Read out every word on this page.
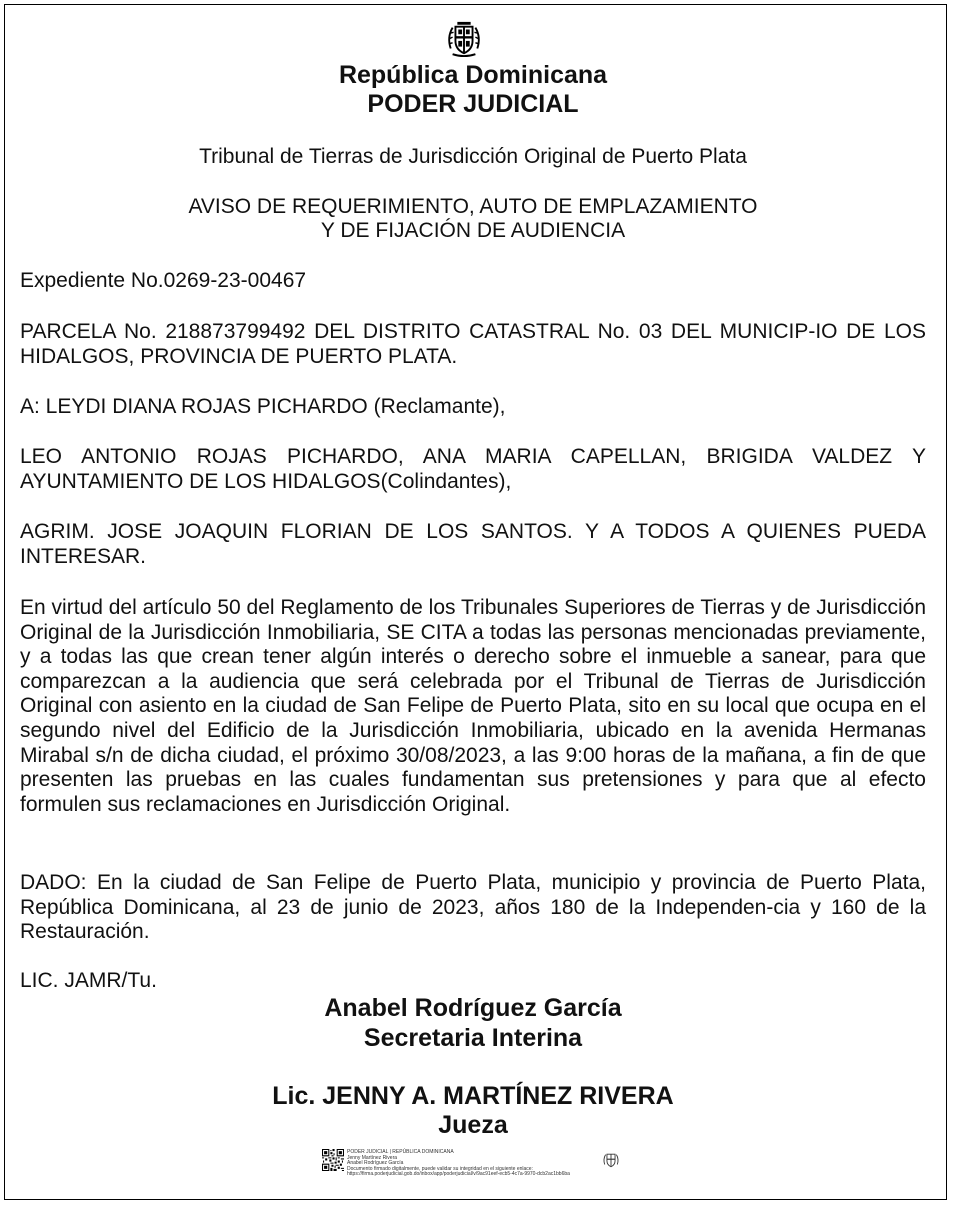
República Dominicana
PODER JUDICIAL
Tribunal de Tierras de Jurisdicción Original de Puerto Plata
AVISO DE REQUERIMIENTO, AUTO DE EMPLAZAMIENTO
Y DE FIJACIÓN DE AUDIENCIA
Expediente No.0269-23-00467
PARCELA No. 218873799492 DEL DISTRITO CATASTRAL No. 03 DEL MUNICIP-IO DE LOS HIDALGOS, PROVINCIA DE PUERTO PLATA.
A: LEYDI DIANA ROJAS PICHARDO (Reclamante),
LEO ANTONIO ROJAS PICHARDO, ANA MARIA CAPELLAN, BRIGIDA VALDEZ Y AYUNTAMIENTO DE LOS HIDALGOS(Colindantes),
AGRIM. JOSE JOAQUIN FLORIAN DE LOS SANTOS. Y A TODOS A QUIENES PUEDA INTERESAR.
En virtud del artículo 50 del Reglamento de los Tribunales Superiores de Tierras y de Jurisdicción Original de la Jurisdicción Inmobiliaria, SE CITA a todas las personas mencionadas previamente, y a todas las que crean tener algún interés o derecho sobre el inmueble a sanear, para que comparezcan a la audiencia que será celebrada por el Tribunal de Tierras de Jurisdicción Original con asiento en la ciudad de San Felipe de Puerto Plata, sito en su local que ocupa en el segundo nivel del Edificio de la Jurisdicción Inmobiliaria, ubicado en la avenida Hermanas Mirabal s/n de dicha ciudad, el próximo 30/08/2023, a las 9:00 horas de la mañana, a fin de que presenten las pruebas en las cuales fundamentan sus pretensiones y para que al efecto formulen sus reclamaciones en Jurisdicción Original.
DADO: En la ciudad de San Felipe de Puerto Plata, municipio y provincia de Puerto Plata, República Dominicana, al 23 de junio de 2023, años 180 de la Independen-cia y 160 de la Restauración.
LIC. JAMR/Tu.
Anabel Rodríguez García
Secretaria Interina
Lic. JENNY A. MARTÍNEZ RIVERA
Jueza
PODER JUDICIAL | REPÚBLICA DOMINICANA
Jenny Martínez Rivera
Anabel Rodríguez García
Documento firmado digitalmente, puede validar su integridad en el siguiente enlace:
https://firma.poderjudicial.gob.do/inbox/app/poderjudicial/v/9ac91eef-ecb5-4c7a-9970-dcb2ac1bb6ba
